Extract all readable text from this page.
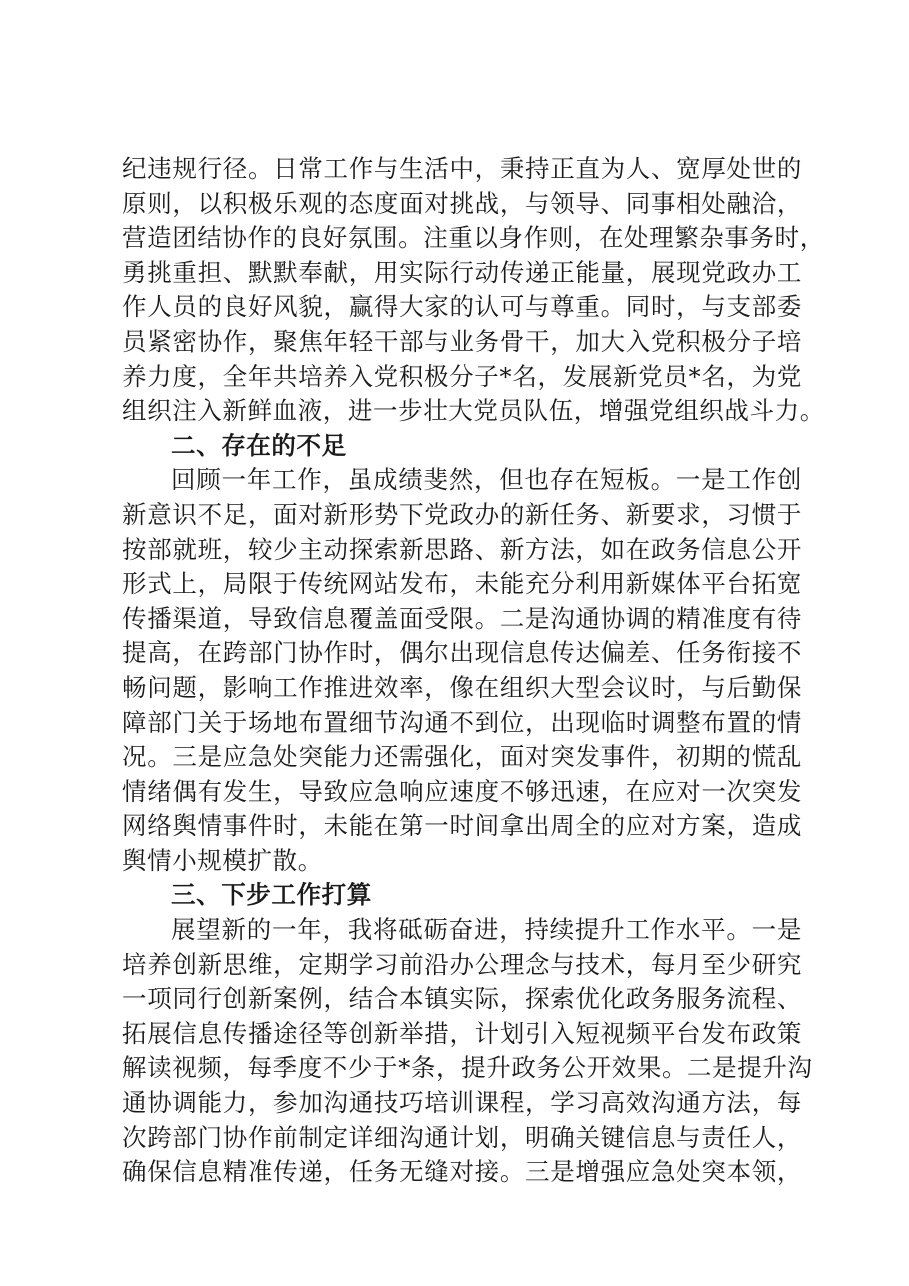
纪违规行径。日常工作与生活中，秉持正直为人、宽厚处世的
原则，以积极乐观的态度面对挑战，与领导、同事相处融洽，
营造团结协作的良好氛围。注重以身作则，在处理繁杂事务时，
勇挑重担、默默奉献，用实际行动传递正能量，展现党政办工
作人员的良好风貌，赢得大家的认可与尊重。同时，与支部委
员紧密协作，聚焦年轻干部与业务骨干，加大入党积极分子培
养力度，全年共培养入党积极分子*名，发展新党员*名，为党
组织注入新鲜血液，进一步壮大党员队伍，增强党组织战斗力。

二、存在的不足

回顾一年工作，虽成绩斐然，但也存在短板。一是工作创
新意识不足，面对新形势下党政办的新任务、新要求，习惯于
按部就班，较少主动探索新思路、新方法，如在政务信息公开
形式上，局限于传统网站发布，未能充分利用新媒体平台拓宽
传播渠道，导致信息覆盖面受限。二是沟通协调的精准度有待
提高，在跨部门协作时，偶尔出现信息传达偏差、任务衔接不
畅问题，影响工作推进效率，像在组织大型会议时，与后勤保
障部门关于场地布置细节沟通不到位，出现临时调整布置的情
况。三是应急处突能力还需强化，面对突发事件，初期的慌乱
情绪偶有发生，导致应急响应速度不够迅速，在应对一次突发
网络舆情事件时，未能在第一时间拿出周全的应对方案，造成
舆情小规模扩散。

三、下步工作打算

展望新的一年，我将砥砺奋进，持续提升工作水平。一是
培养创新思维，定期学习前沿办公理念与技术，每月至少研究
一项同行创新案例，结合本镇实际，探索优化政务服务流程、
拓展信息传播途径等创新举措，计划引入短视频平台发布政策
解读视频，每季度不少于*条，提升政务公开效果。二是提升沟
通协调能力，参加沟通技巧培训课程，学习高效沟通方法，每
次跨部门协作前制定详细沟通计划，明确关键信息与责任人，
确保信息精准传递，任务无缝对接。三是增强应急处突本领，
